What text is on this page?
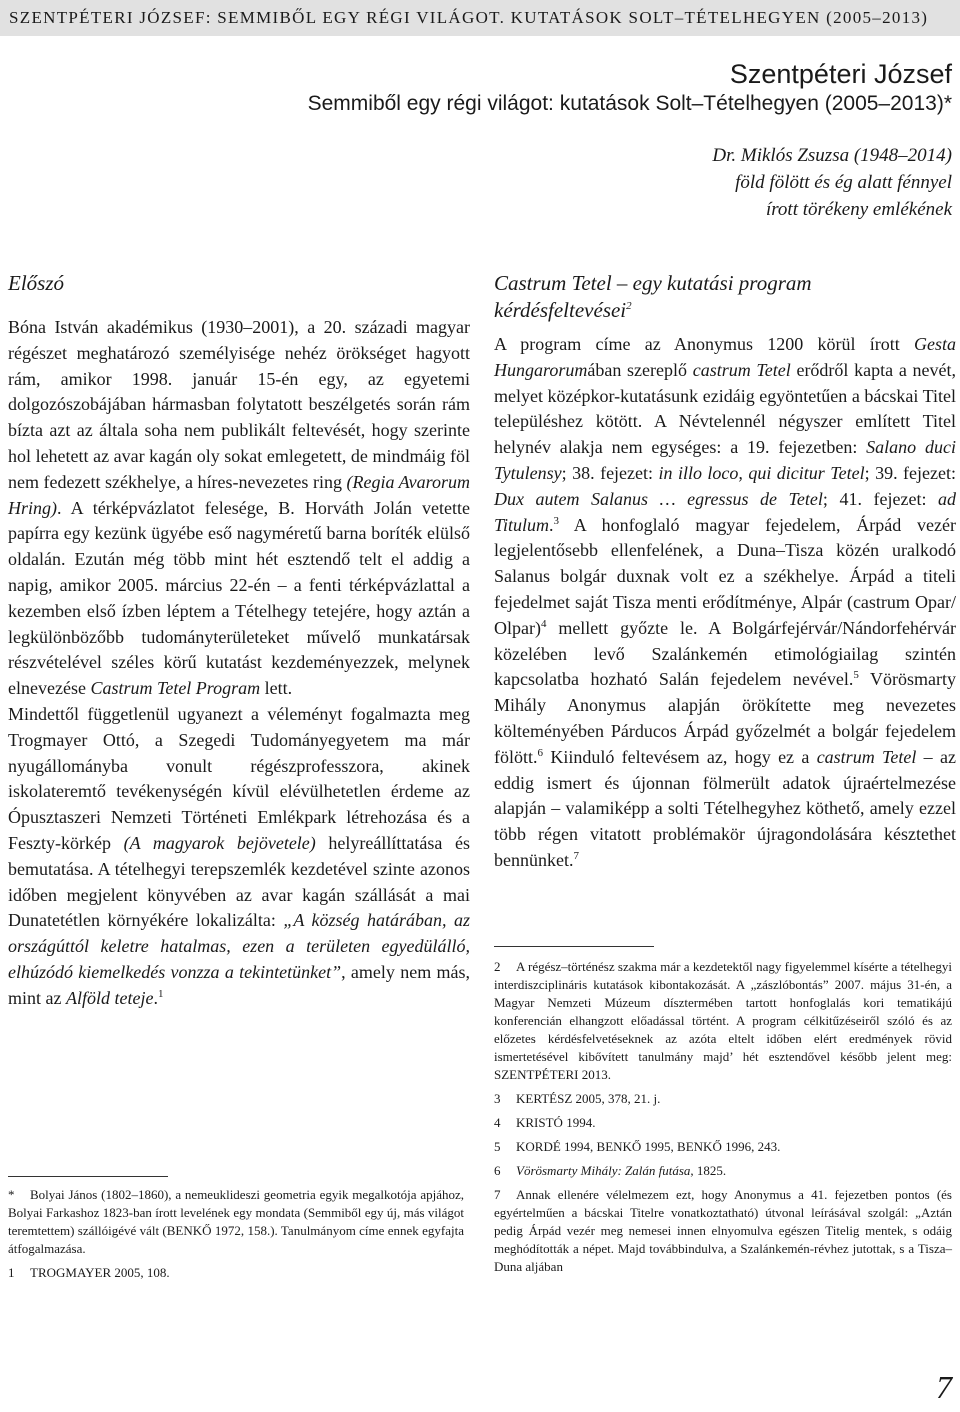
SZENTPÉTERI JÓZSEF: SEMMIBŐL EGY RÉGI VILÁGOT. KUTATÁSOK SOLT–TÉTELHEGYEN (2005–2013)
Szentpéteri József
Semmiből egy régi világot: kutatások Solt–Tételhegyen (2005–2013)*
Dr. Miklós Zsuzsa (1948–2014)
föld fölött és ég alatt fénnyel
írott törékeny emlékének
Előszó

Bóna István akadémikus (1930–2001), a 20. századi magyar régészet meghatározó személyisége nehéz örökséget hagyott rám, amikor 1998. január 15-én egy, az egyetemi dolgozószobájában hármasban folytatott beszélgetés során rám bízta azt az általa soha nem publikált feltevését, hogy szerinte hol lehetett az avar kagán oly sokat emlegetett, de mindmáig föl nem fedezett székhelye, a híres-nevezetes ring (Regia Avarorum Hring). A térképvázlatot felesége, B. Horváth Jolán vetette papírra egy kezünk ügyébe eső nagyméretű barna boríték elülső oldalán. Ezután még több mint hét esztendő telt el addig a napig, amikor 2005. március 22-én – a fenti térképvázlattal a kezemben első ízben léptem a Tételhegy tetejére, hogy aztán a legkülönbözőbb tudományterületeket művelő munkatársak részvételével széles körű kutatást kezdeményezzek, melynek elnevezése Castrum Tetel Program lett.

Mindettől függetlenül ugyanezt a véleményt fogalmazta meg Trogmayer Ottó, a Szegedi Tudományegyetem ma már nyugállományba vonult régészprofesszora, akinek iskolateremtő tevékenységén kívül elévülhetetlen érdeme az Ópusztaszeri Nemzeti Történeti Emlékpark létrehozása és a Feszty-körkép (A magyarok bejövetele) helyreállíttatása és bemutatása. A tételhegyi terepszemlék kezdetével szinte azonos időben megjelent könyvében az avar kagán szállását a mai Dunatetétlen környékére lokalizálta: „A község határában, az országúttól keletre hatalmas, ezen a területen egyedülálló, elhúzódó kiemelkedés vonzza a tekintetünket”, amely nem más, mint az Alföld teteje.$^1$

* Bolyai János (1802–1860), a nemeuklideszi geometria egyik megalkotója apjához, Bolyai Farkashoz 1823-ban írott levelének egy mondata (Semmiből egy új, más világot teremtettem) szállóigévé vált (BENKŐ 1972, 158.). Tanulmányom címe ennek egyfajta átfogalmazása.
1 TROGMAYER 2005, 108.
Castrum Tetel – egy kutatási program
kérdésfeltevései$^2$

A program címe az Anonymus 1200 körül írott Gesta Hungarorumában szereplő castrum Tetel erődről kapta a nevét, melyet középkor-kutatásunk ezidáig egyöntetűen a bácskai Titel településhez kötött. A Névtelennél négyszer említett Titel helynév alakja nem egységes: a 19. fejezetben: Salano duci Tytulensy; 38. fejezet: in illo loco, qui dicitur Tetel; 39. fejezet: Dux autem Salanus … egressus de Tetel; 41. fejezet: ad Titulum.$^3$ A honfoglaló magyar fejedelem, Árpád vezér legjelentősebb ellenfelének, a Duna–Tisza közén uralkodó Salanus bolgár duxnak volt ez a székhelye. Árpád a titeli fejedelmet saját Tisza menti erődítménye, Alpár (castrum Opar/ Olpar)$^4$ mellett győzte le. A Bolgárfejérvár/Nándorfehérvár közelében levő Szalánkemén etimológiailag szintén kapcsolatba hozható Salán fejedelem nevével.$^5$ Vörösmarty Mihály Anonymus alapján örökítette meg nevezetes költeményében Párducos Árpád győzelmét a bolgár fejedelem fölött.$^6$ Kiinduló feltevésem az, hogy ez a castrum Tetel – az eddig ismert és újonnan fölmerült adatok újraértelmezése alapján – valamiképp a solti Tételhegyhez köthető, amely ezzel több régen vitatott problémakör újragondolására késztethet bennünket.$^7$

2 A régész–történész szakma már a kezdetektől nagy figyelemmel kísérte a tételhegyi interdiszciplináris kutatások kibontakozását. A „zászlóbontás” 2007. május 31-én, a Magyar Nemzeti Múzeum dísztermében tartott honfoglalás kori tematikájú konferencián elhangzott előadással történt. A program célkitűzéseiről szóló és az előzetes kérdésfelvetéseknek az azóta eltelt időben elért eredmények rövid ismertetésével kibővített tanulmány majd’ hét esztendővel később jelent meg: SZENTPÉTERI 2013.
3 KERTÉSZ 2005, 378, 21. j.
4 KRISTÓ 1994.
5 KORDÉ 1994, BENKŐ 1995, BENKŐ 1996, 243.
6 Vörösmarty Mihály: Zalán futása, 1825.
7 Annak ellenére vélelmezem ezt, hogy Anonymus a 41. fejezetben pontos (és egyértelműen a bácskai Titelre vonatkoztatható) útvonal leírásával szolgál: „Aztán pedig Árpád vezér meg nemesei innen elnyomulva egészen Titelig mentek, s odáig meghódították a népet. Majd továbbindulva, a Szalánkemén-révhez jutottak, s a Tisza–Duna aljában
7
